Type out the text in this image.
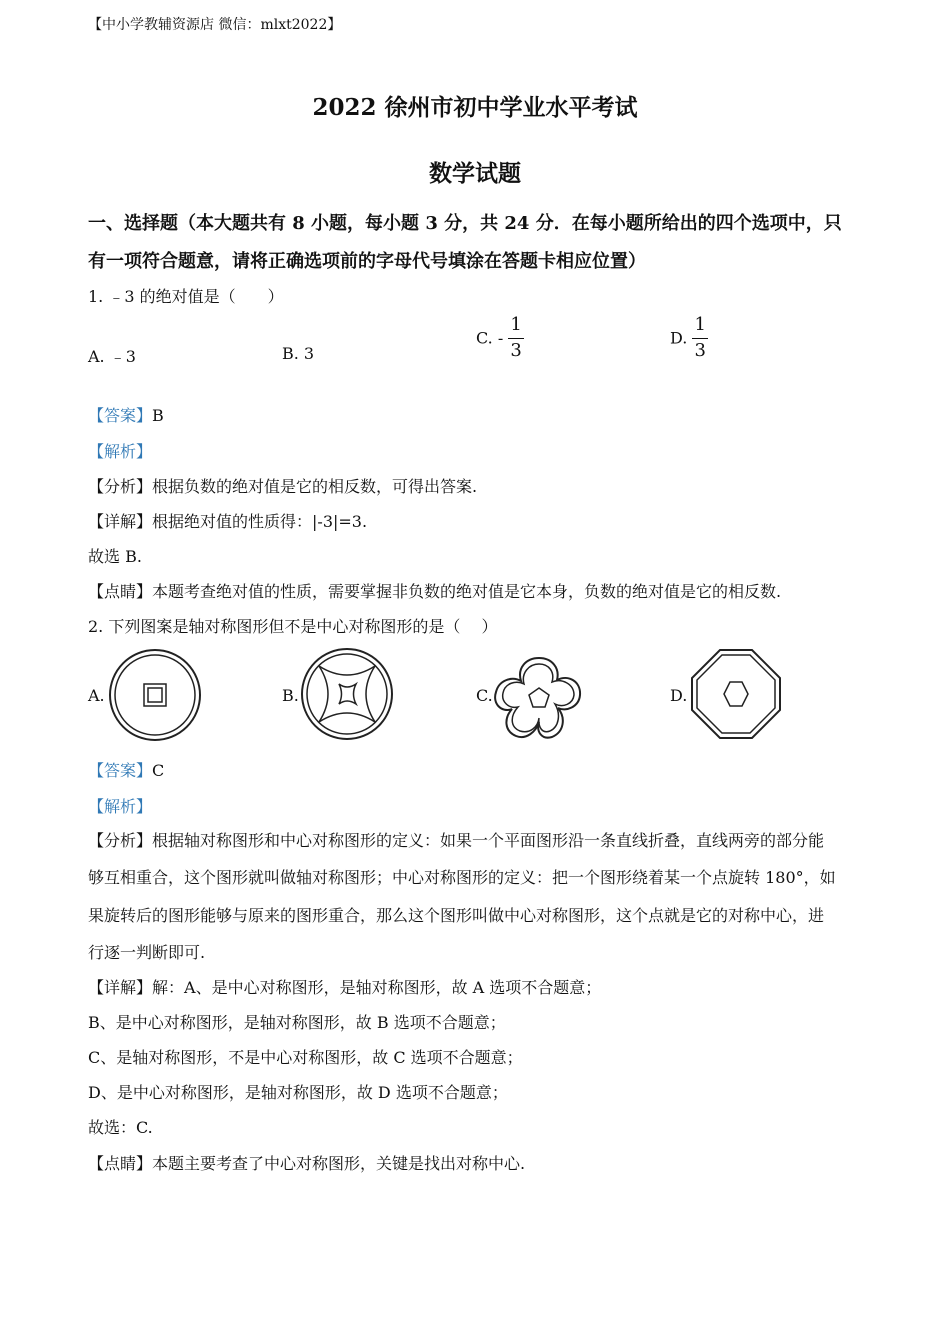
【中小学教辅资源店 微信：mlxt2022】
2022 徐州市初中学业水平考试
数学试题
一、选择题（本大题共有 8 小题，每小题 3 分，共 24 分．在每小题所给出的四个选项中，只
有一项符合题意，请将正确选项前的字母代号填涂在答题卡相应位置）
1. ﹣3 的绝对值是（　　）
A. ﹣3	B. 3
C. - $\frac{1}{3}$	D. $\frac{1}{3}$
【答案】B
【解析】
【分析】根据负数的绝对值是它的相反数，可得出答案.
【详解】根据绝对值的性质得：|-3|=3.
故选 B.
【点睛】本题考查绝对值的性质，需要掌握非负数的绝对值是它本身，负数的绝对值是它的相反数.
2. 下列图案是轴对称图形但不是中心对称图形的是（　 ）
A.	B.	C.	D.
【答案】C
【解析】
【分析】根据轴对称图形和中心对称图形的定义：如果一个平面图形沿一条直线折叠，直线两旁的部分能
够互相重合，这个图形就叫做轴对称图形；中心对称图形的定义：把一个图形绕着某一个点旋转 180°，如
果旋转后的图形能够与原来的图形重合，那么这个图形叫做中心对称图形，这个点就是它的对称中心，进
行逐一判断即可.
【详解】解：A、是中心对称图形，是轴对称图形，故 A 选项不合题意；
B、是中心对称图形，是轴对称图形，故 B 选项不合题意；
C、是轴对称图形，不是中心对称图形，故 C 选项不合题意；
D、是中心对称图形，是轴对称图形，故 D 选项不合题意；
故选：C.
【点睛】本题主要考查了中心对称图形，关键是找出对称中心.
